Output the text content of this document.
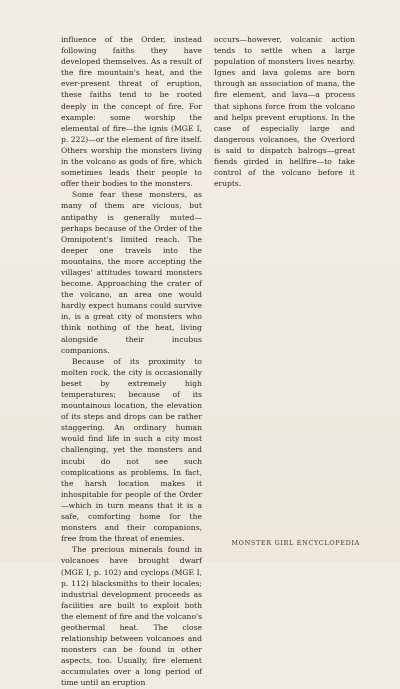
influence of the Order, instead following faiths they have developed themselves. As a result of the fire mountain's heat, and the ever-present threat of eruption, these faiths tend to be rooted deeply in the concept of fire. For example: some worship the elemental of fire—the ignis (MGE I, p. 222)—or the element of fire itself. Others worship the monsters living in the volcano as gods of fire, which sometimes leads their people to offer their bodies to the monsters.

Some fear these monsters, as many of them are vicious, but antipathy is generally muted—perhaps because of the Order of the Omnipotent's limited reach. The deeper one travels into the mountains, the more accepting the villages' attitudes toward monsters become. Approaching the crater of the volcano, an area one would hardly expect humans could survive in, is a great city of monsters who think nothing of the heat, living alongside their incubus companions.

Because of its proximity to molten rock, the city is occasionally beset by extremely high temperatures; because of its mountainous location, the elevation of its steps and drops can be rather staggering. An ordinary human would find life in such a city most challenging, yet the monsters and incubi do not see such complications as problems. In fact, the harsh location makes it inhospitable for people of the Order—which in turn means that it is a safe, comforting home for the monsters and their companions, free from the threat of enemies.

The precious minerals found in volcanoes have brought dwarf (MGE I, p. 102) and cyclops (MGE I, p. 112) blacksmiths to their locales; industrial development proceeds as facilities are built to exploit both the element of fire and the volcano's geothermal heat. The close relationship between volcanoes and monsters can be found in other aspects, too. Usually, fire element accumulates over a long period of time until an eruption

occurs—however, volcanic action tends to settle when a large population of monsters lives nearby. Ignes and lava golems are born through an association of mana, the fire element, and lava—a process that siphons force from the volcano and helps prevent eruptions. In the case of especially large and dangerous volcanoes, the Overlord is said to dispatch balrogs—great fiends girded in hellfire—to take control of the volcano before it erupts.

MONSTER GIRL ENCYCLOPEDIA
